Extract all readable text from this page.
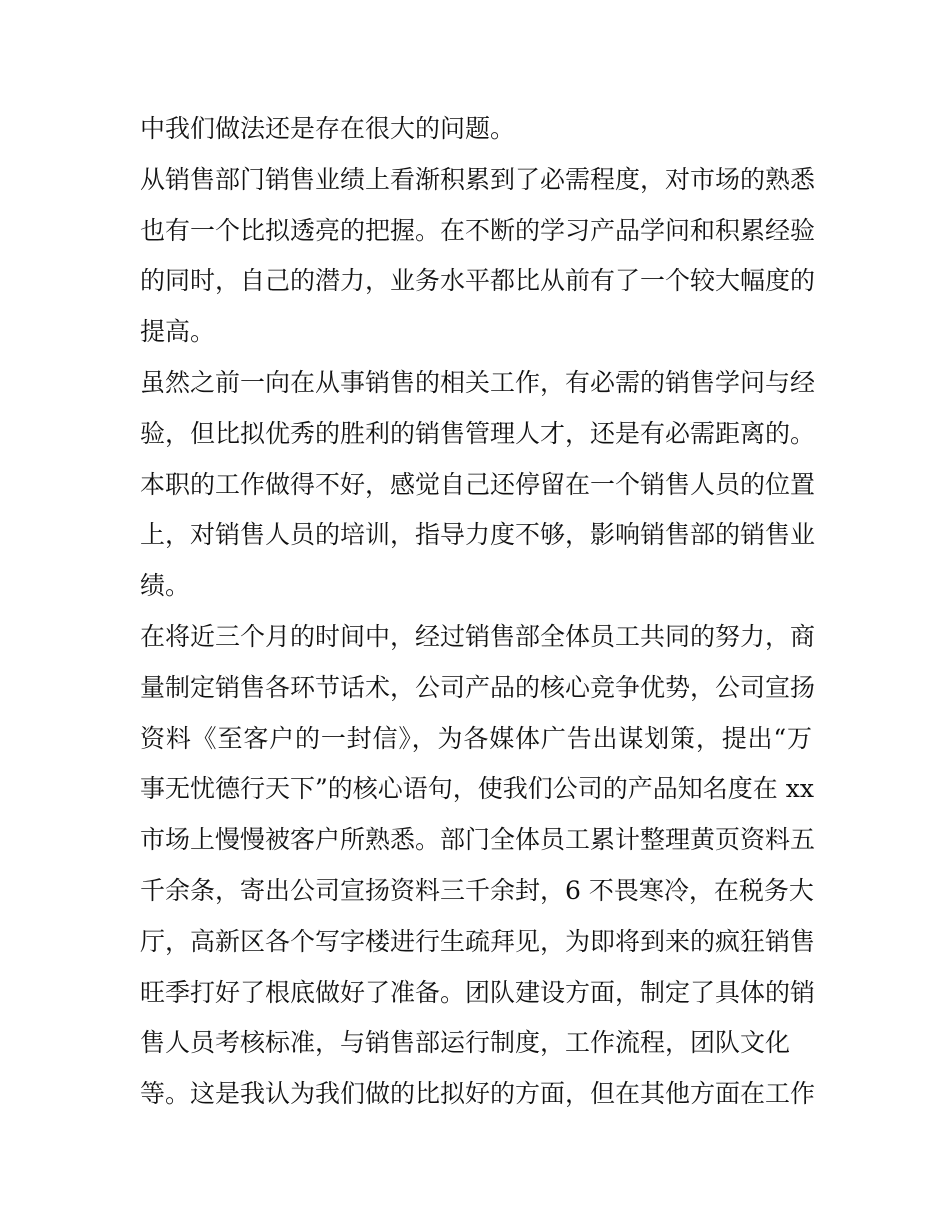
中我们做法还是存在很大的问题。
从销售部门销售业绩上看渐积累到了必需程度，对市场的熟悉
也有一个比拟透亮的把握。在不断的学习产品学问和积累经验
的同时，自己的潜力，业务水平都比从前有了一个较大幅度的
提高。
虽然之前一向在从事销售的相关工作，有必需的销售学问与经
验，但比拟优秀的胜利的销售管理人才，还是有必需距离的。
本职的工作做得不好，感觉自己还停留在一个销售人员的位置
上，对销售人员的培训，指导力度不够，影响销售部的销售业
绩。
在将近三个月的时间中，经过销售部全体员工共同的努力，商
量制定销售各环节话术，公司产品的核心竞争优势，公司宣扬
资料《至客户的一封信》，为各媒体广告出谋划策，提出“万
事无忧德行天下”的核心语句，使我们公司的产品知名度在 xx
市场上慢慢被客户所熟悉。部门全体员工累计整理黄页资料五
千余条，寄出公司宣扬资料三千余封，6 不畏寒冷，在税务大
厅，高新区各个写字楼进行生疏拜见，为即将到来的疯狂销售
旺季打好了根底做好了准备。团队建设方面，制定了具体的销
售人员考核标准，与销售部运行制度，工作流程，团队文化
等。这是我认为我们做的比拟好的方面，但在其他方面在工作
